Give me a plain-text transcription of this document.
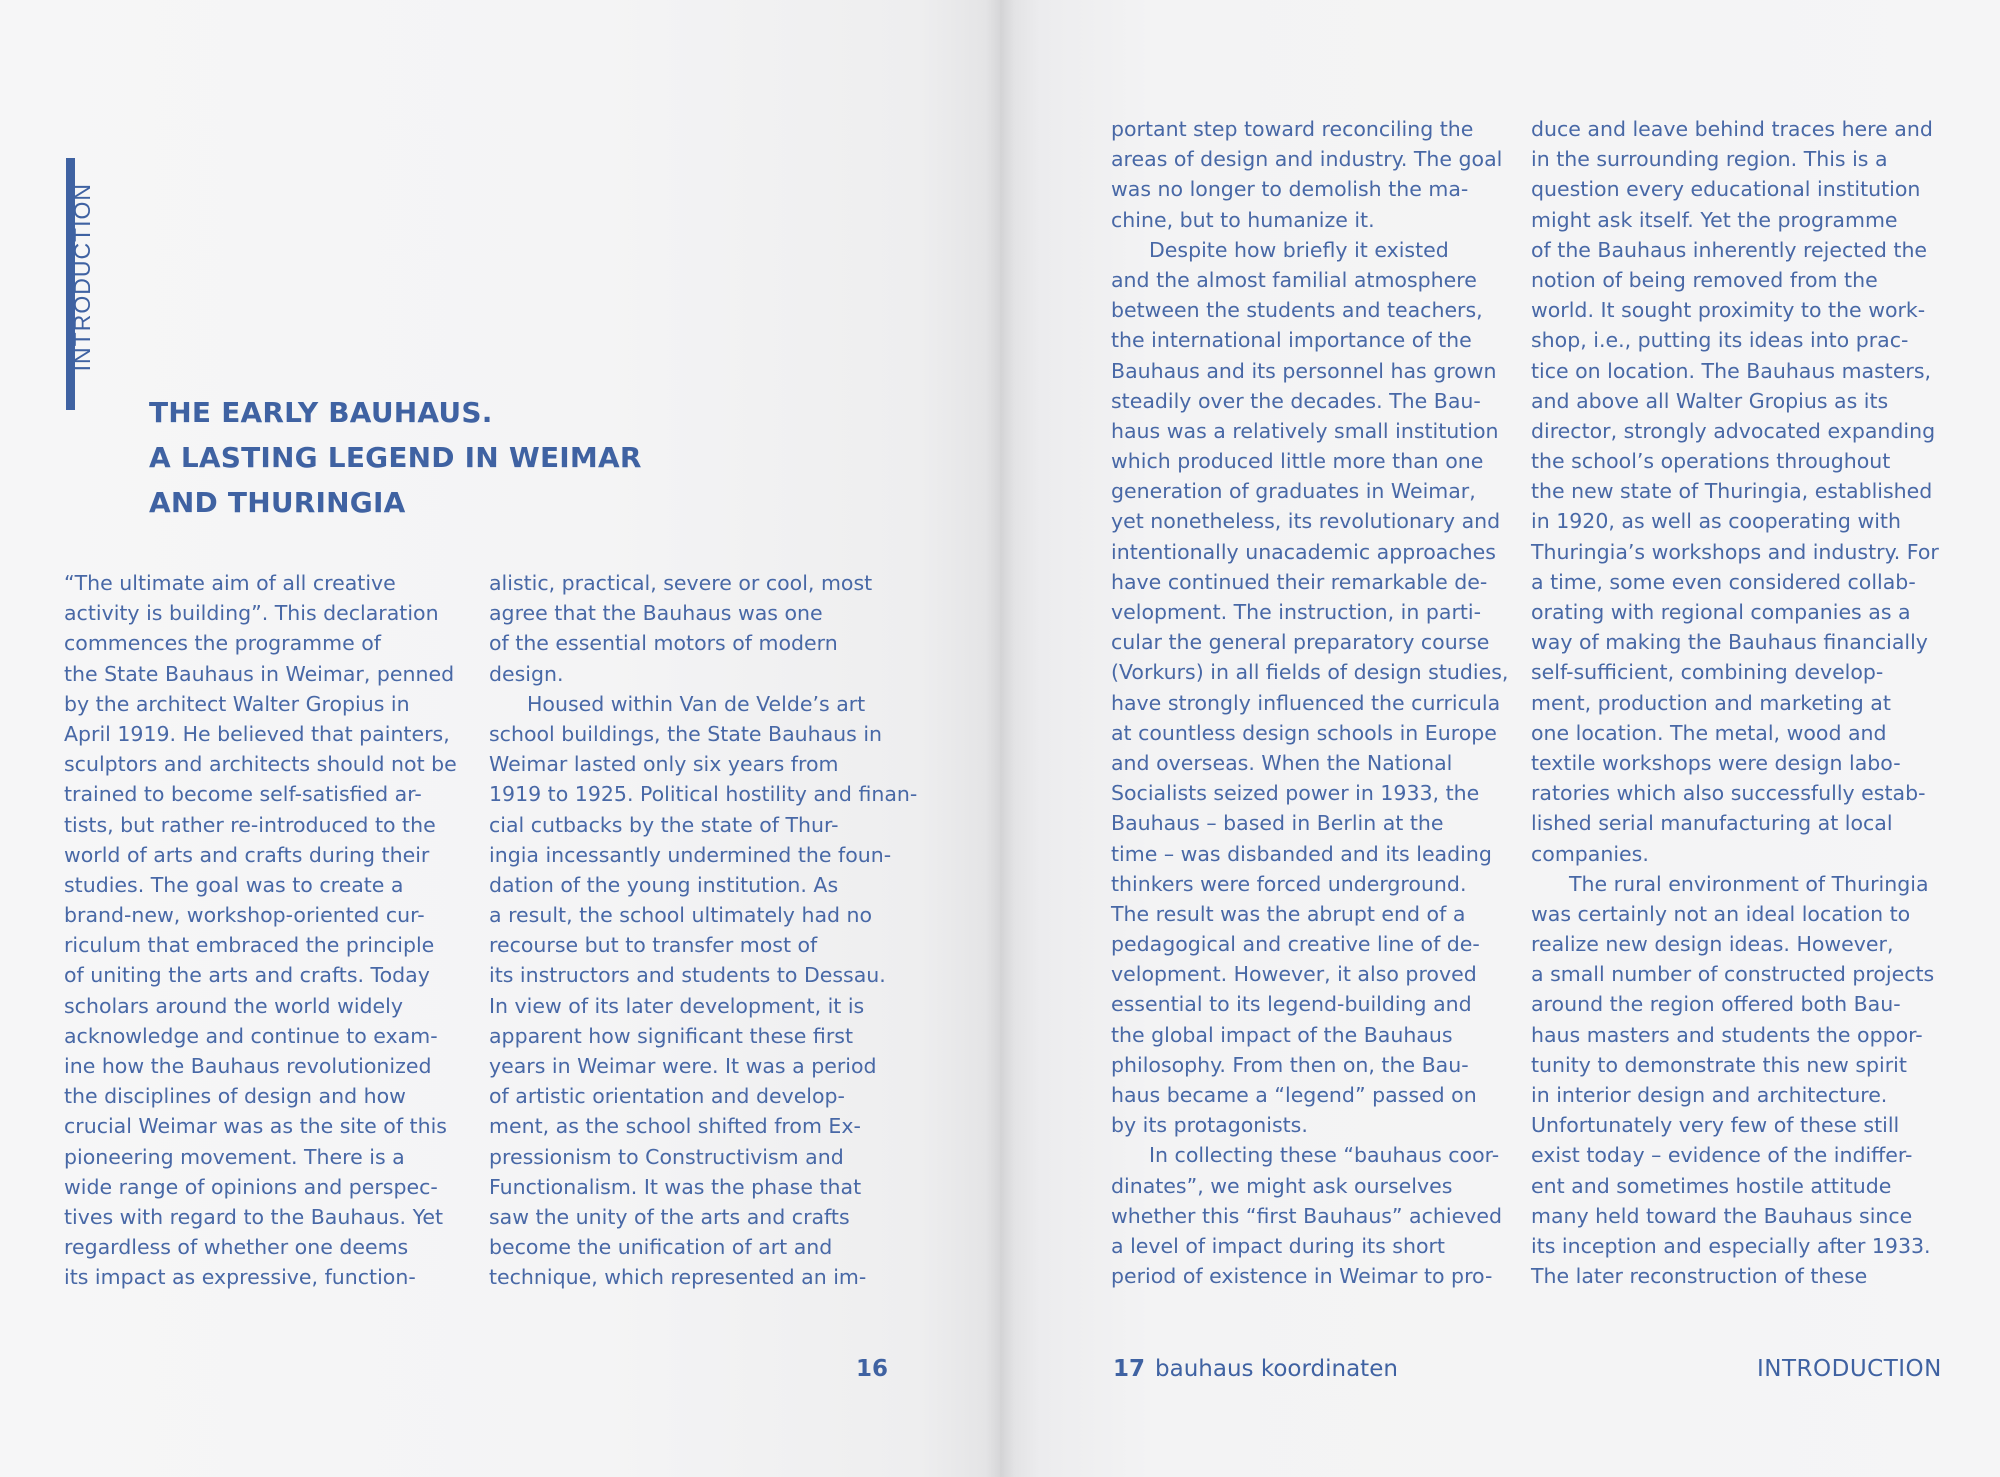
INTRODUCTION
THE EARLY BAUHAUS.
A LASTING LEGEND IN WEIMAR
AND THURINGIA
“The ultimate aim of all creative
activity is building”. This declaration
commences the programme of
the State Bauhaus in Weimar, penned
by the architect Walter Gropius in
April 1919. He believed that painters,
sculptors and architects should not be
trained to become self-satisfied ar-
tists, but rather re-introduced to the
world of arts and crafts during their
studies. The goal was to create a
brand-new, workshop-oriented cur-
riculum that embraced the principle
of uniting the arts and crafts. Today
scholars around the world widely
acknowledge and continue to exam-
ine how the Bauhaus revolutionized
the disciplines of design and how
crucial Weimar was as the site of this
pioneering movement. There is a
wide range of opinions and perspec-
tives with regard to the Bauhaus. Yet
regardless of whether one deems
its impact as expressive, function-
alistic, practical, severe or cool, most
agree that the Bauhaus was one
of the essential motors of modern
design.
Housed within Van de Velde’s art
school buildings, the State Bauhaus in
Weimar lasted only six years from
1919 to 1925. Political hostility and finan-
cial cutbacks by the state of Thur-
ingia incessantly undermined the foun-
dation of the young institution. As
a result, the school ultimately had no
recourse but to transfer most of
its instructors and students to Dessau.
In view of its later development, it is
apparent how significant these first
years in Weimar were. It was a period
of artistic orientation and develop-
ment, as the school shifted from Ex-
pressionism to Constructivism and
Functionalism. It was the phase that
saw the unity of the arts and crafts
become the unification of art and
technique, which represented an im-
portant step toward reconciling the
areas of design and industry. The goal
was no longer to demolish the ma-
chine, but to humanize it.
Despite how briefly it existed
and the almost familial atmosphere
between the students and teachers,
the international importance of the
Bauhaus and its personnel has grown
steadily over the decades. The Bau-
haus was a relatively small institution
which produced little more than one
generation of graduates in Weimar,
yet nonetheless, its revolutionary and
intentionally unacademic approaches
have continued their remarkable de-
velopment. The instruction, in parti-
cular the general preparatory course
(Vorkurs) in all fields of design studies,
have strongly influenced the curricula
at countless design schools in Europe
and overseas. When the National
Socialists seized power in 1933, the
Bauhaus – based in Berlin at the
time – was disbanded and its leading
thinkers were forced underground.
The result was the abrupt end of a
pedagogical and creative line of de-
velopment. However, it also proved
essential to its legend-building and
the global impact of the Bauhaus
philosophy. From then on, the Bau-
haus became a “legend” passed on
by its protagonists.
In collecting these “bauhaus coor-
dinates”, we might ask ourselves
whether this “first Bauhaus” achieved
a level of impact during its short
period of existence in Weimar to pro-
duce and leave behind traces here and
in the surrounding region. This is a
question every educational institution
might ask itself. Yet the programme
of the Bauhaus inherently rejected the
notion of being removed from the
world. It sought proximity to the work-
shop, i.e., putting its ideas into prac-
tice on location. The Bauhaus masters,
and above all Walter Gropius as its
director, strongly advocated expanding
the school’s operations throughout
the new state of Thuringia, established
in 1920, as well as cooperating with
Thuringia’s workshops and industry. For
a time, some even considered collab-
orating with regional companies as a
way of making the Bauhaus financially
self-sufficient, combining develop-
ment, production and marketing at
one location. The metal, wood and
textile workshops were design labo-
ratories which also successfully estab-
lished serial manufacturing at local
companies.
The rural environment of Thuringia
was certainly not an ideal location to
realize new design ideas. However,
a small number of constructed projects
around the region offered both Bau-
haus masters and students the oppor-
tunity to demonstrate this new spirit
in interior design and architecture.
Unfortunately very few of these still
exist today – evidence of the indiffer-
ent and sometimes hostile attitude
many held toward the Bauhaus since
its inception and especially after 1933.
The later reconstruction of these
16	17 bauhaus koordinaten	INTRODUCTION
